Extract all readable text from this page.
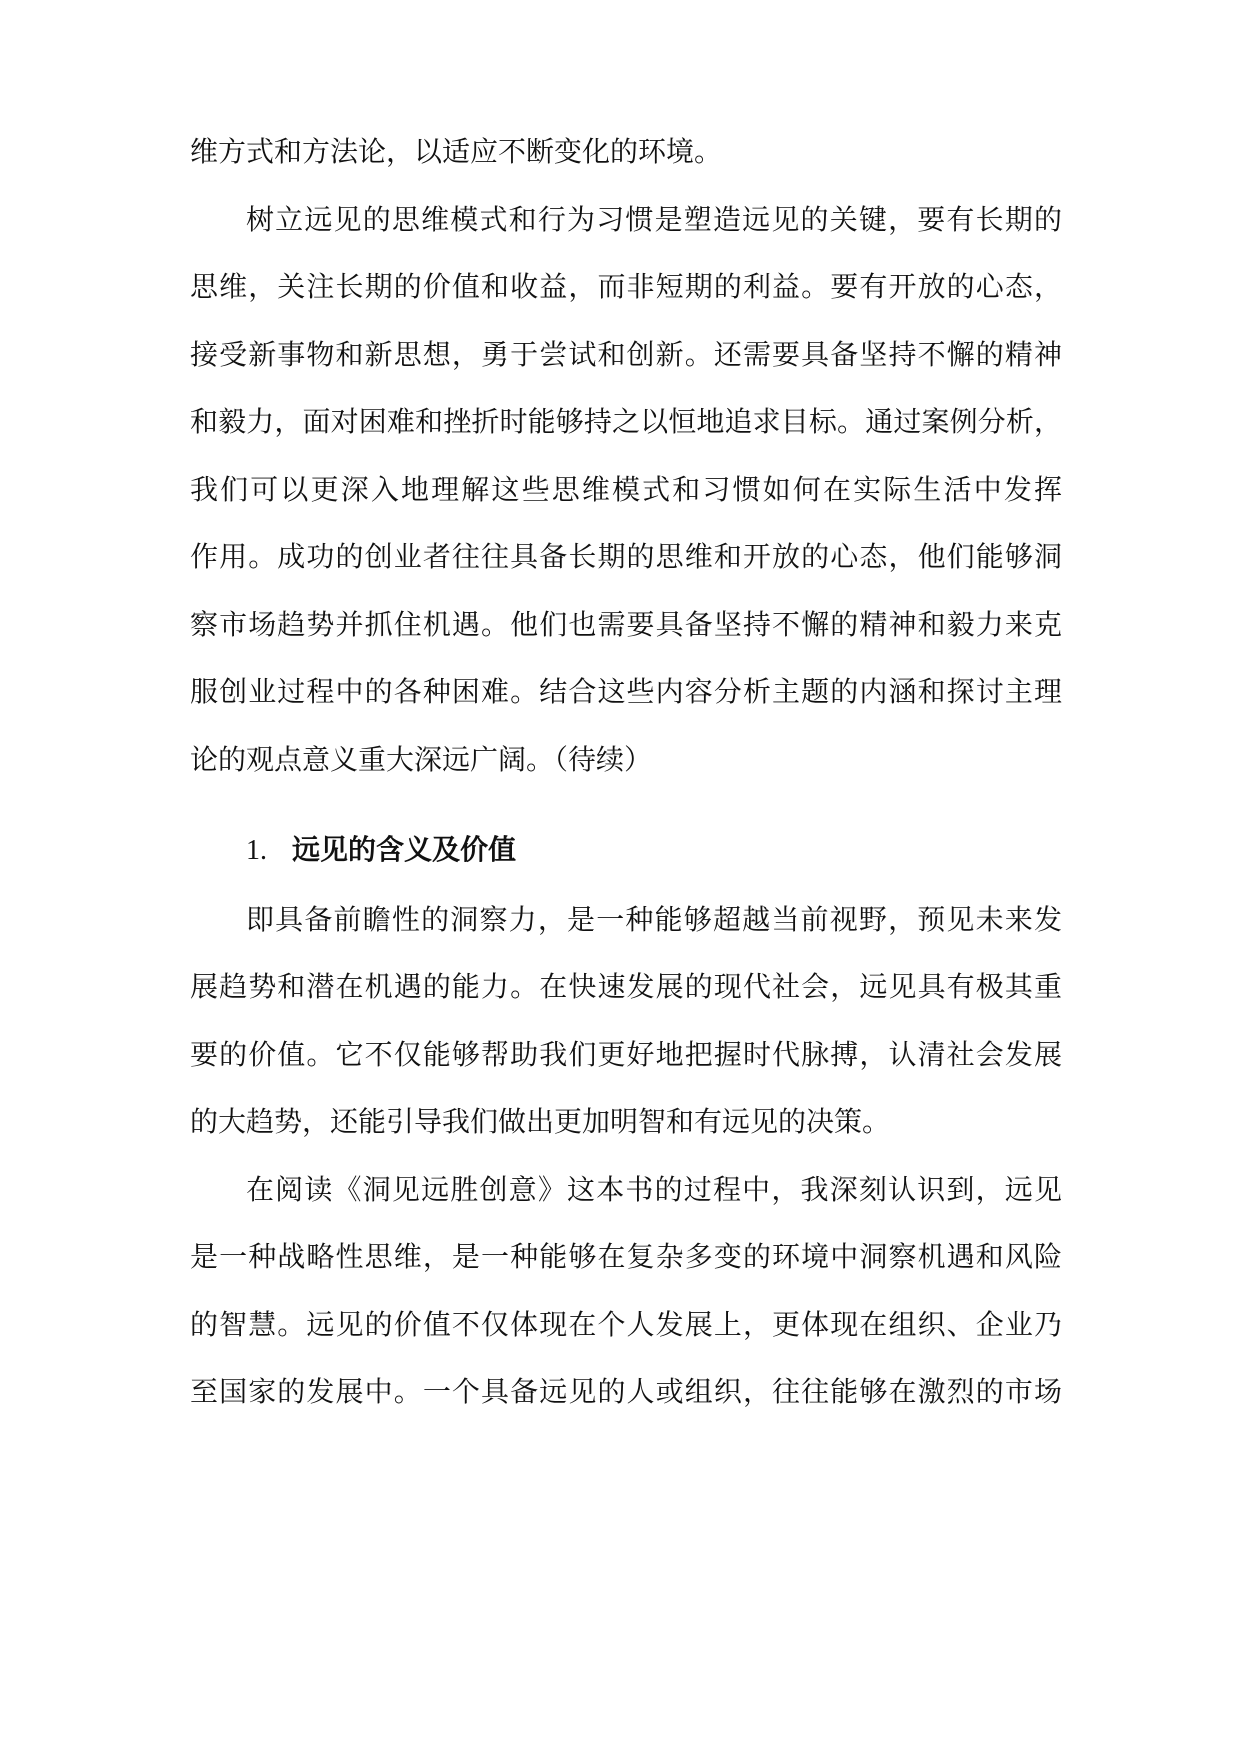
维方式和方法论，以适应不断变化的环境。
树立远见的思维模式和行为习惯是塑造远见的关键，要有长期的
思维，关注长期的价值和收益，而非短期的利益。要有开放的心态，
接受新事物和新思想，勇于尝试和创新。还需要具备坚持不懈的精神
和毅力，面对困难和挫折时能够持之以恒地追求目标。通过案例分析，
我们可以更深入地理解这些思维模式和习惯如何在实际生活中发挥
作用。成功的创业者往往具备长期的思维和开放的心态，他们能够洞
察市场趋势并抓住机遇。他们也需要具备坚持不懈的精神和毅力来克
服创业过程中的各种困难。结合这些内容分析主题的内涵和探讨主理
论的观点意义重大深远广阔。（待续）
1. 远见的含义及价值
即具备前瞻性的洞察力，是一种能够超越当前视野，预见未来发
展趋势和潜在机遇的能力。在快速发展的现代社会，远见具有极其重
要的价值。它不仅能够帮助我们更好地把握时代脉搏，认清社会发展
的大趋势，还能引导我们做出更加明智和有远见的决策。
在阅读《洞见远胜创意》这本书的过程中，我深刻认识到，远见
是一种战略性思维，是一种能够在复杂多变的环境中洞察机遇和风险
的智慧。远见的价值不仅体现在个人发展上，更体现在组织、企业乃
至国家的发展中。一个具备远见的人或组织，往往能够在激烈的市场
